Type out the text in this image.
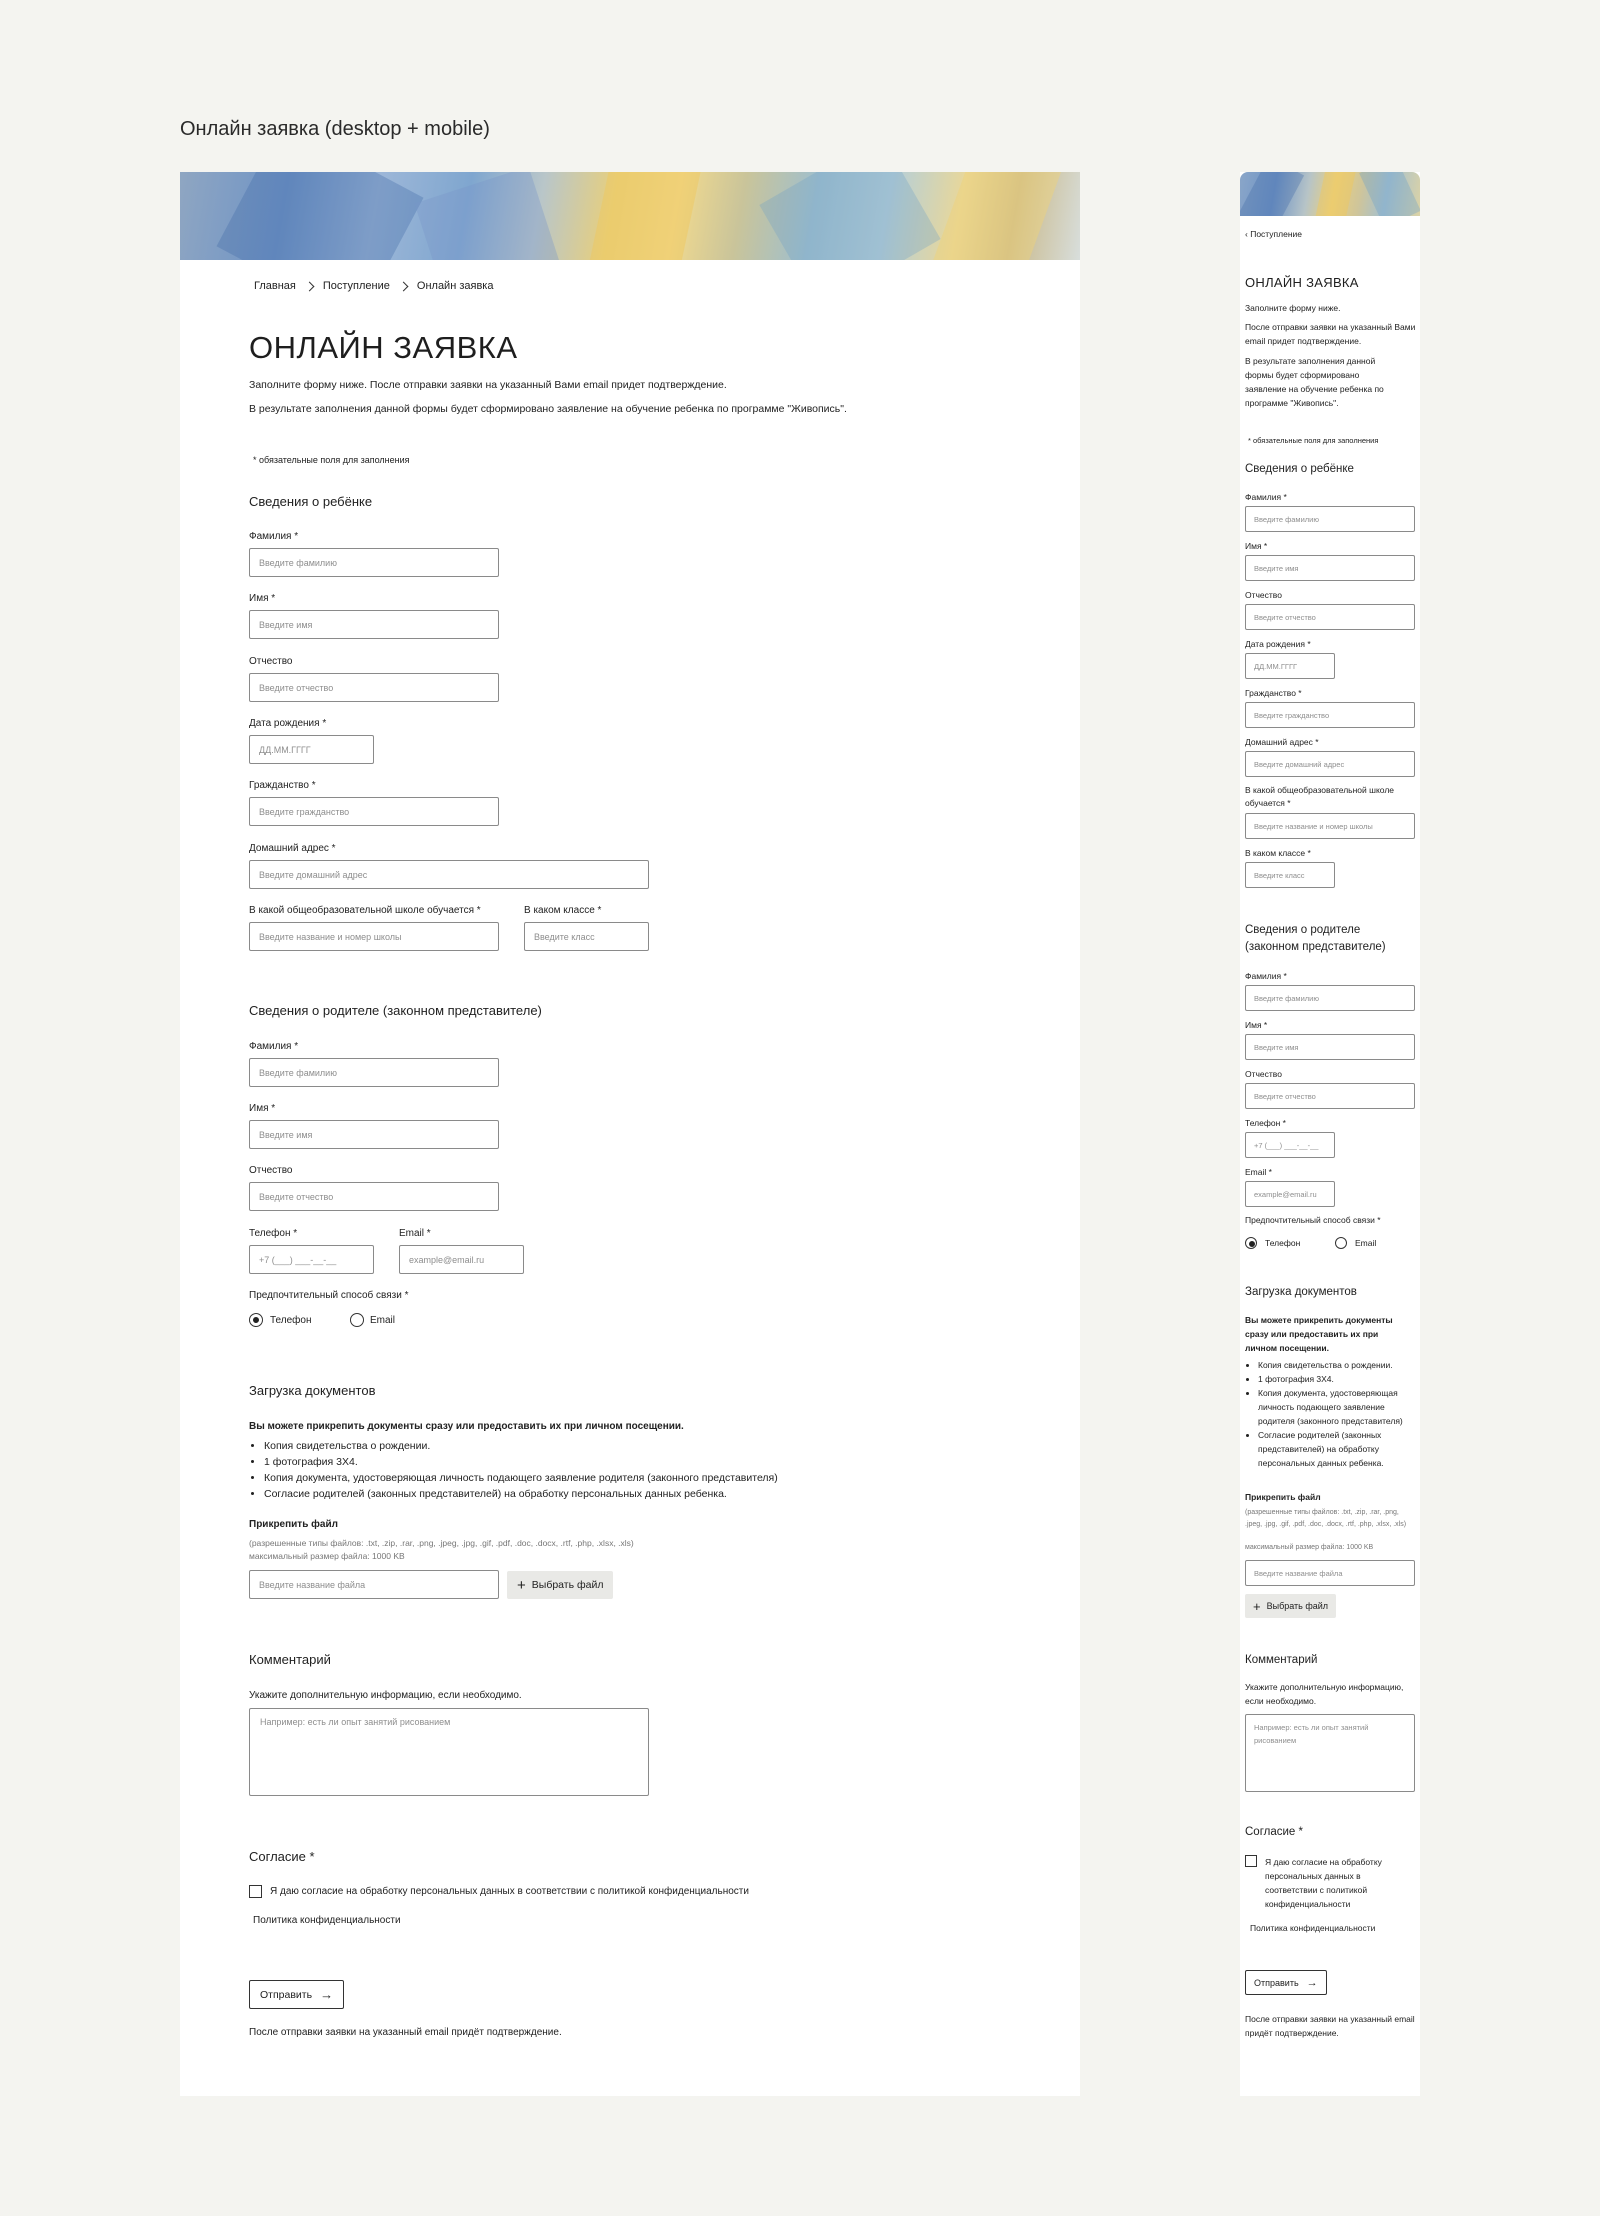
Онлайн заявка (desktop + mobile)
Главная Поступление Онлайн заявка
ОНЛАЙН ЗАЯВКА
Заполните форму ниже. После отправки заявки на указанный Вами email придет подтверждение.
В результате заполнения данной формы будет сформировано заявление на обучение ребенка по программе "Живопись".
* обязательные поля для заполнения
Сведения о ребёнке
Фамилия *
Введите фамилию
Имя *
Введите имя
Отчество
Введите отчество
Дата рождения *
ДД.ММ.ГГГГ
Гражданство *
Введите гражданство
Домашний адрес *
Введите домашний адрес
В какой общеобразовательной школе обучается *
Введите название и номер школы
В каком классе *
Введите класс
Сведения о родителе (законном представителе)
Фамилия *
Введите фамилию
Имя *
Введите имя
Отчество
Введите отчество
Телефон *
+7 (___) ___-__-__
Email *
example@email.ru
Предпочтительный способ связи *
Телефон	Email
Загрузка документов
Вы можете прикрепить документы сразу или предоставить их при личном посещении.
• Копия свидетельства о рождении.
• 1 фотография 3Х4.
• Копия документа, удостоверяющая личность подающего заявление родителя (законного представителя)
• Согласие родителей (законных представителей) на обработку персональных данных ребенка.
Прикрепить файл
(разрешенные типы файлов: .txt, .zip, .rar, .png, .jpeg, .jpg, .gif, .pdf, .doc, .docx, .rtf, .php, .xlsx, .xls)
максимальный размер файла: 1000 KB
Введите название файла	+ Выбрать файл
Комментарий
Укажите дополнительную информацию, если необходимо.
Например: есть ли опыт занятий рисованием
Согласие *
Я даю согласие на обработку персональных данных в соответствии с политикой конфиденциальности
Политика конфиденциальности
Отправить →
После отправки заявки на указанный email придёт подтверждение.
‹ Поступление
ОНЛАЙН ЗАЯВКА
Заполните форму ниже.
После отправки заявки на указанный Вами email придет подтверждение.
В результате заполнения данной формы будет сформировано заявление на обучение ребенка по программе "Живопись".
* обязательные поля для заполнения
Сведения о ребёнке
Фамилия *
Введите фамилию
Имя *
Введите имя
Отчество
Введите отчество
Дата рождения *
ДД.ММ.ГГГГ
Гражданство *
Введите гражданство
Домашний адрес *
Введите домашний адрес
В какой общеобразовательной школе обучается *
Введите название и номер школы
В каком классе *
Введите класс
Сведения о родителе (законном представителе)
Фамилия *
Введите фамилию
Имя *
Введите имя
Отчество
Введите отчество
Телефон *
+7 (___) ___-__-__
Email *
example@email.ru
Предпочтительный способ связи *
Телефон	Email
Загрузка документов
Вы можете прикрепить документы сразу или предоставить их при личном посещении.
• Копия свидетельства о рождении.
• 1 фотография 3Х4.
• Копия документа, удостоверяющая личность подающего заявление родителя (законного представителя)
• Согласие родителей (законных представителей) на обработку персональных данных ребенка.
Прикрепить файл
(разрешенные типы файлов: .txt, .zip, .rar, .png, .jpeg, .jpg, .gif, .pdf, .doc, .docx, .rtf, .php, .xlsx, .xls)
максимальный размер файла: 1000 KB
Введите название файла
+ Выбрать файл
Комментарий
Укажите дополнительную информацию, если необходимо.
Например: есть ли опыт занятий рисованием
Согласие *
Я даю согласие на обработку персональных данных в соответствии с политикой конфиденциальности
Политика конфиденциальности
Отправить →
После отправки заявки на указанный email придёт подтверждение.
